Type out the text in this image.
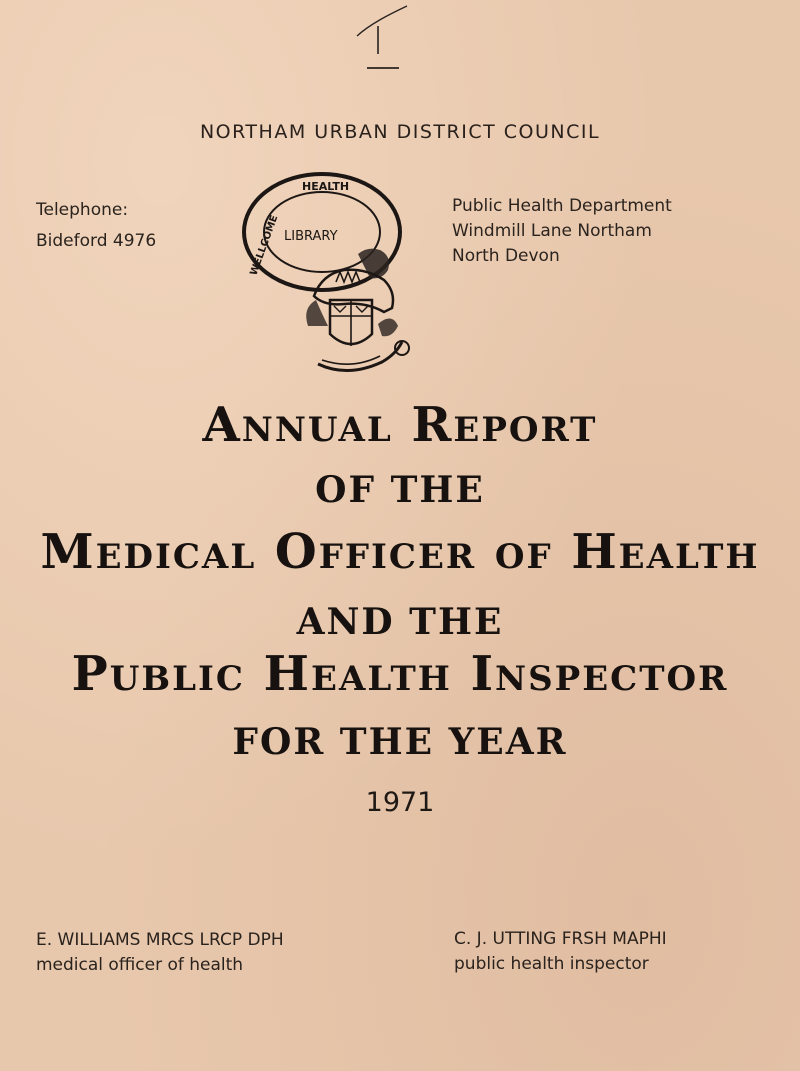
1
NORTHAM URBAN DISTRICT COUNCIL
Telephone:
Bideford 4976
HEALTH
LIBRARY
WELLCOME
Public Health Department
Windmill Lane Northam
North Devon
Annual Report
OF THE
Medical Officer of Health
AND THE
Public Health Inspector
FOR THE YEAR
1971
E. WILLIAMS MRCS LRCP DPH
medical officer of health
C. J. UTTING FRSH MAPHI
public health inspector
